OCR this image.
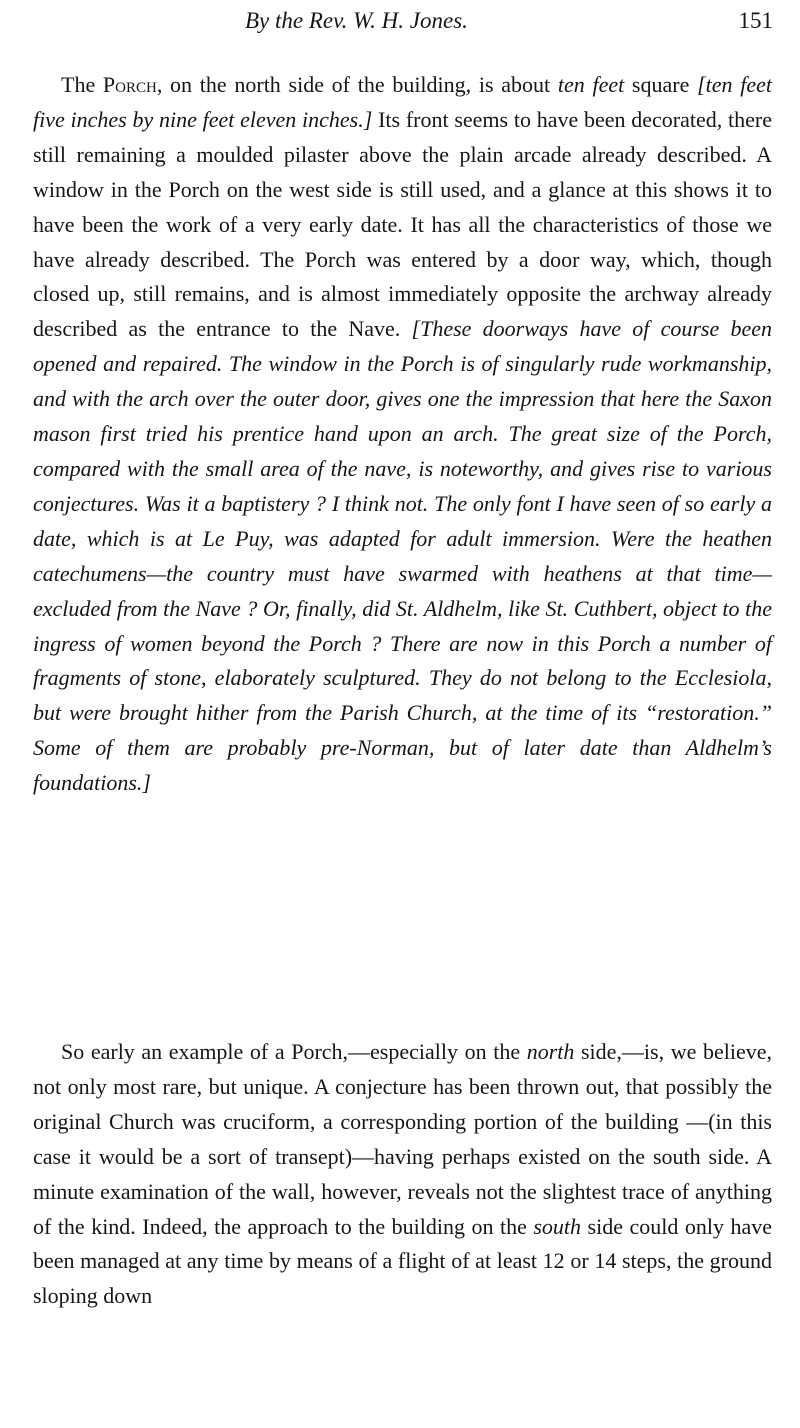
By the Rev. W. H. Jones.	151

The Porch, on the north side of the building, is about ten feet square [ten feet five inches by nine feet eleven inches.] Its front seems to have been decorated, there still remaining a moulded pilaster above the plain arcade already described. A window in the Porch on the west side is still used, and a glance at this shows it to have been the work of a very early date. It has all the characteristics of those we have already described. The Porch was entered by a door way, which, though closed up, still remains, and is almost immediately opposite the archway already described as the entrance to the Nave. [These doorways have of course been opened and repaired. The window in the Porch is of singularly rude workmanship, and with the arch over the outer door, gives one the impression that here the Saxon mason first tried his prentice hand upon an arch. The great size of the Porch, compared with the small area of the nave, is noteworthy, and gives rise to various conjectures. Was it a baptistery ? I think not. The only font I have seen of so early a date, which is at Le Puy, was adapted for adult immersion. Were the heathen catechumens—the country must have swarmed with heathens at that time—excluded from the Nave ? Or, finally, did St. Aldhelm, like St. Cuthbert, object to the ingress of women beyond the Porch ? There are now in this Porch a number of fragments of stone, elaborately sculptured. They do not belong to the Ecclesiola, but were brought hither from the Parish Church, at the time of its “restoration.” Some of them are probably pre-Norman, but of later date than Aldhelm’s foundations.]

So early an example of a Porch,—especially on the north side,—is, we believe, not only most rare, but unique. A conjecture has been thrown out, that possibly the original Church was cruciform, a corresponding portion of the building —(in this case it would be a sort of transept)—having perhaps existed on the south side. A minute examination of the wall, however, reveals not the slightest trace of anything of the kind. Indeed, the approach to the building on the south side could only have been managed at any time by means of a flight of at least 12 or 14 steps, the ground sloping down
